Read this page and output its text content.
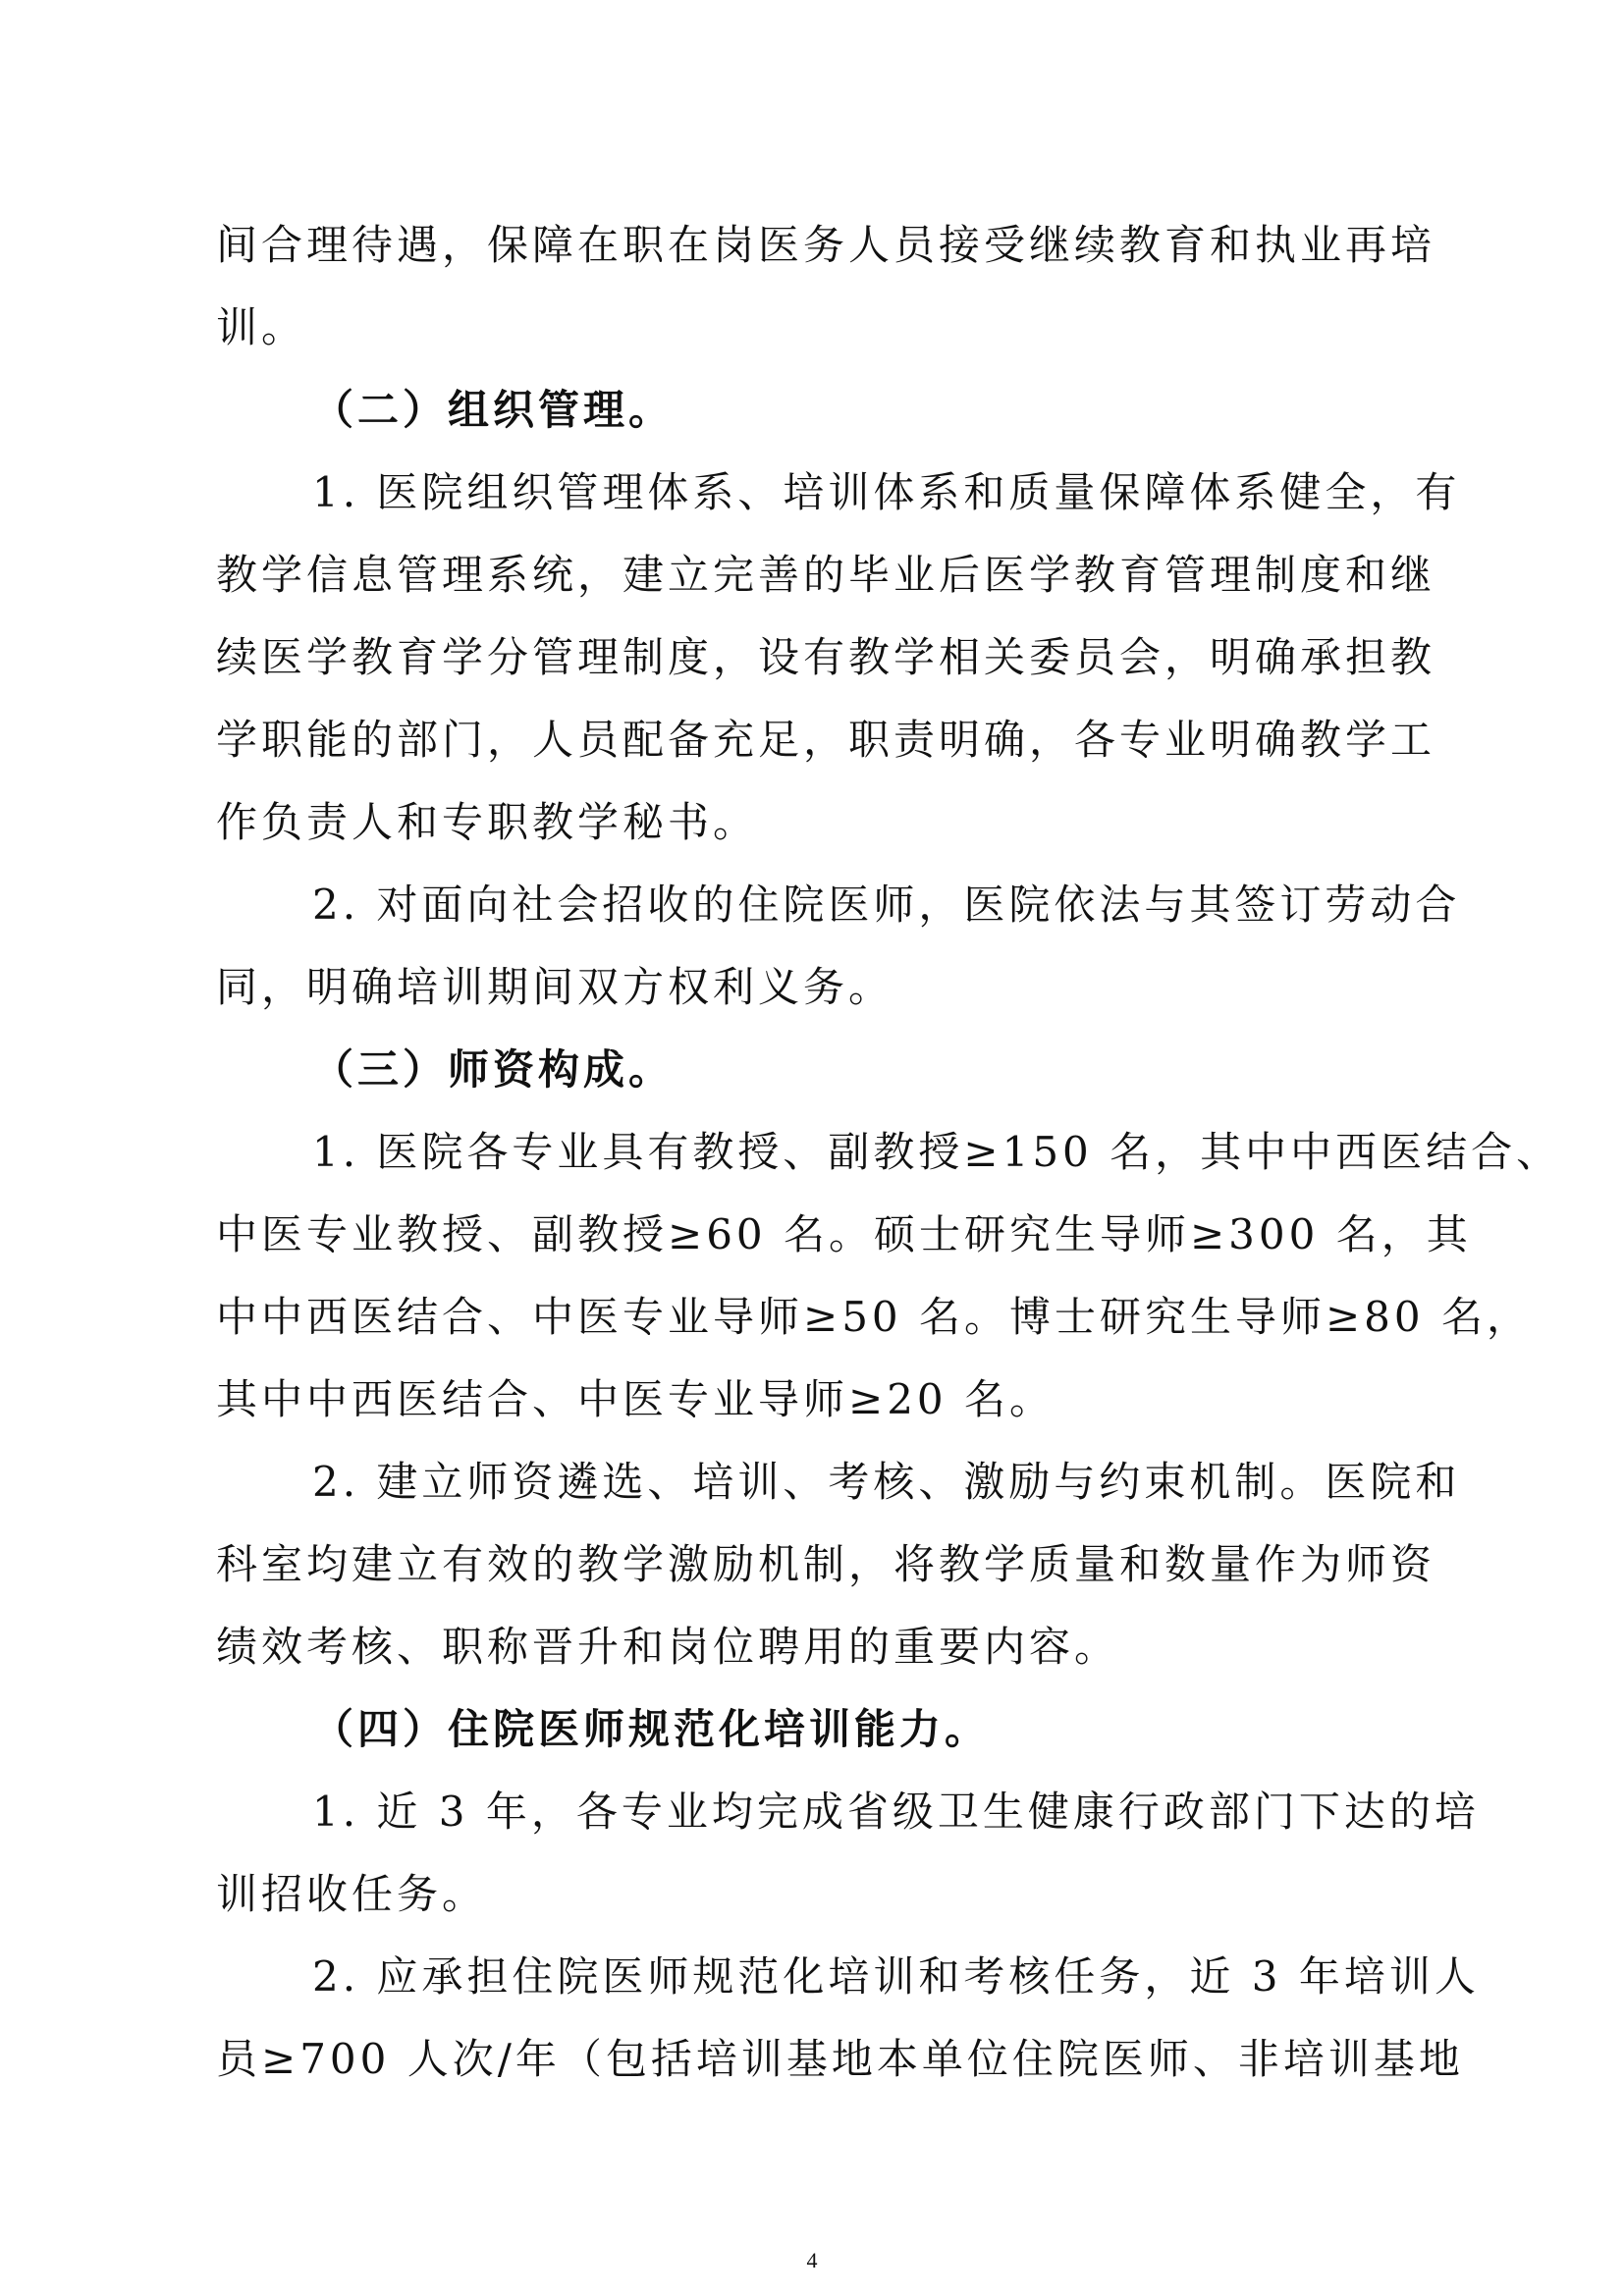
间合理待遇，保障在职在岗医务人员接受继续教育和执业再培
训。
（二）组织管理。
1. 医院组织管理体系、培训体系和质量保障体系健全，有
教学信息管理系统，建立完善的毕业后医学教育管理制度和继
续医学教育学分管理制度，设有教学相关委员会，明确承担教
学职能的部门，人员配备充足，职责明确，各专业明确教学工
作负责人和专职教学秘书。
2. 对面向社会招收的住院医师，医院依法与其签订劳动合
同，明确培训期间双方权利义务。
（三）师资构成。
1. 医院各专业具有教授、副教授≥150 名，其中中西医结合、
中医专业教授、副教授≥60 名。硕士研究生导师≥300 名，其
中中西医结合、中医专业导师≥50 名。博士研究生导师≥80 名，
其中中西医结合、中医专业导师≥20 名。
2. 建立师资遴选、培训、考核、激励与约束机制。医院和
科室均建立有效的教学激励机制，将教学质量和数量作为师资
绩效考核、职称晋升和岗位聘用的重要内容。
（四）住院医师规范化培训能力。
1. 近 3 年，各专业均完成省级卫生健康行政部门下达的培
训招收任务。
2. 应承担住院医师规范化培训和考核任务，近 3 年培训人
员≥700 人次/年（包括培训基地本单位住院医师、非培训基地
4
